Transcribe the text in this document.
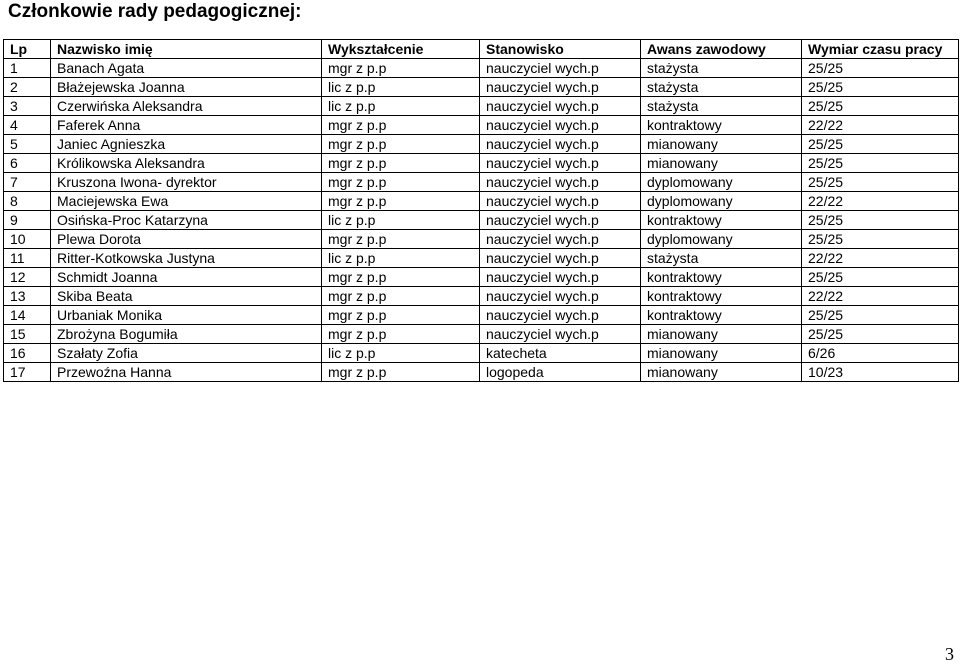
Członkowie rady pedagogicznej:
Lp	Nazwisko imię	Wykształcenie	Stanowisko	Awans zawodowy	Wymiar czasu pracy
1	Banach Agata	mgr z p.p	nauczyciel wych.p	stażysta	25/25
2	Błażejewska Joanna	lic z p.p	nauczyciel wych.p	stażysta	25/25
3	Czerwińska Aleksandra	lic z p.p	nauczyciel wych.p	stażysta	25/25
4	Faferek Anna	mgr z p.p	nauczyciel wych.p	kontraktowy	22/22
5	Janiec Agnieszka	mgr z p.p	nauczyciel wych.p	mianowany	25/25
6	Królikowska Aleksandra	mgr z p.p	nauczyciel wych.p	mianowany	25/25
7	Kruszona Iwona- dyrektor	mgr z p.p	nauczyciel wych.p	dyplomowany	25/25
8	Maciejewska Ewa	mgr z p.p	nauczyciel wych.p	dyplomowany	22/22
9	Osińska-Proc Katarzyna	lic z p.p	nauczyciel wych.p	kontraktowy	25/25
10	Plewa Dorota	mgr z p.p	nauczyciel wych.p	dyplomowany	25/25
11	Ritter-Kotkowska Justyna	lic z p.p	nauczyciel wych.p	stażysta	22/22
12	Schmidt Joanna	mgr z p.p	nauczyciel wych.p	kontraktowy	25/25
13	Skiba Beata	mgr z p.p	nauczyciel wych.p	kontraktowy	22/22
14	Urbaniak Monika	mgr z p.p	nauczyciel wych.p	kontraktowy	25/25
15	Zbrożyna Bogumiła	mgr z p.p	nauczyciel wych.p	mianowany	25/25
16	Szałaty Zofia	lic z p.p	katecheta	mianowany	6/26
17	Przewoźna Hanna	mgr z p.p	logopeda	mianowany	10/23
3
